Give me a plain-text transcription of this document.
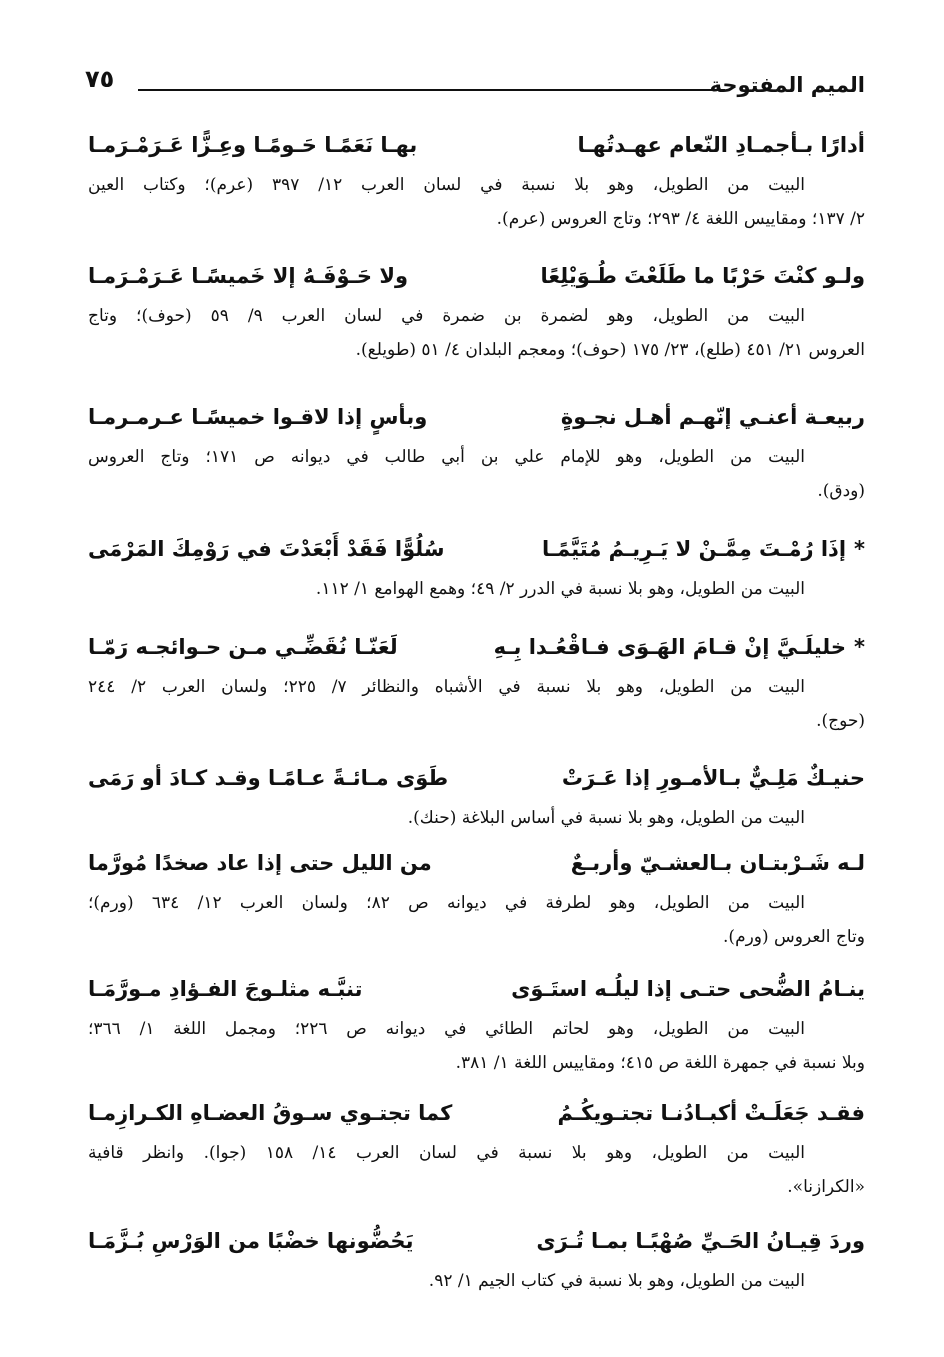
الميم المفتوحة
٧٥
أدارًا بـأجمـادِ النّعام عهـدتُهـا
بهـا نَعَمًـا حَـومًـا وعِـزًّا عَـرَمْـرَمـا
البيت من الطويل، وهو بلا نسبة في لسان العرب ١٢/ ٣٩٧ (عرم)؛ وكتاب العين
٢/ ١٣٧؛ ومقاييس اللغة ٤/ ٢٩٣؛ وتاج العروس (عرم).
ولـو كنْتَ حَرْبًا ما طَلَعْتَ طُـوَيْلِعًا
ولا حَـوْفَـهُ إلا خَميسًـا عَـرَمْـرَمـا
البيت من الطويل، وهو لضمرة بن ضمرة في لسان العرب ٩/ ٥٩ (حوف)؛ وتاج
العروس ٢١/ ٤٥١ (طلع)، ٢٣/ ١٧٥ (حوف)؛ ومعجم البلدان ٤/ ٥١ (طويلع).
ربيعـة أعنـي إنّهـم أهـل نجـوةٍ
وبأسٍ إذا لاقـوا خميسًـا عـرمـرمـا
البيت من الطويل، وهو للإمام علي بن أبي طالب في ديوانه ص ١٧١؛ وتاج العروس
(ودق).
*إذَا رُمْـتَ مِمَّـنْ لا يَـرِيـمُ مُتَيَّمًـا
سُلُوًّا فَقَدْ أَبْعَدْتَ في رَوْمِكَ المَرْمَى
البيت من الطويل، وهو بلا نسبة في الدرر ٢/ ٤٩؛ وهمع الهوامع ١/ ١١٢.
*خليلَـيَّ إنْ قـامَ الهَـوَى فـاقْعُـدا بِـهِ
لَعَنّـا نُقَضِّـي مـن حـوائجـه رَمّـا
البيت من الطويل، وهو بلا نسبة في الأشباه والنظائر ٧/ ٢٢٥؛ ولسان العرب ٢/ ٢٤٤
(حوج).
حنيـكٌ مَلِـيٌّ بـالأمـورِ إذا عَـرَتْ
طَوَى مـائـةً عـامًـا وقـد كـادَ أو رَمَى
البيت من الطويل، وهو بلا نسبة في أساس البلاغة (حنك).
لـه شَـرْبتـان بـالعشـيّ وأربـعٌ
من الليل حتى إذا عاد صخدًا مُورَّما
البيت من الطويل، وهو لطرفة في ديوانه ص ٨٢؛ ولسان العرب ١٢/ ٦٣٤ (ورم)؛
وتاج العروس (ورم).
ينـامُ الضُّحى حتـى إذا ليلُـه استَـوَى
تنبَّـه مثلـوجَ الفـؤادِ مـورَّمَـا
البيت من الطويل، وهو لحاتم الطائي في ديوانه ص ٢٢٦؛ ومجمل اللغة ١/ ٣٦٦؛
وبلا نسبة في جمهرة اللغة ص ٤١٥؛ ومقاييس اللغة ١/ ٣٨١.
فقـد جَعَلَـتْ أكبـادُنـا تجتـويكُـمُ
كما تجتـوي سـوقُ العضـاهِ الكـرازِمـا
البيت من الطويل، وهو بلا نسبة في لسان العرب ١٤/ ١٥٨ (جوا). وانظر قافية
«الكرازنا».
وردَ قِيـانُ الحَـيِّ صُهْبًـا بمـا تُـرَى
يَحُضُّونها خضْبًا من الوَرْسِ بُـزَّمَـا
البيت من الطويل، وهو بلا نسبة في كتاب الجيم ١/ ٩٢.
